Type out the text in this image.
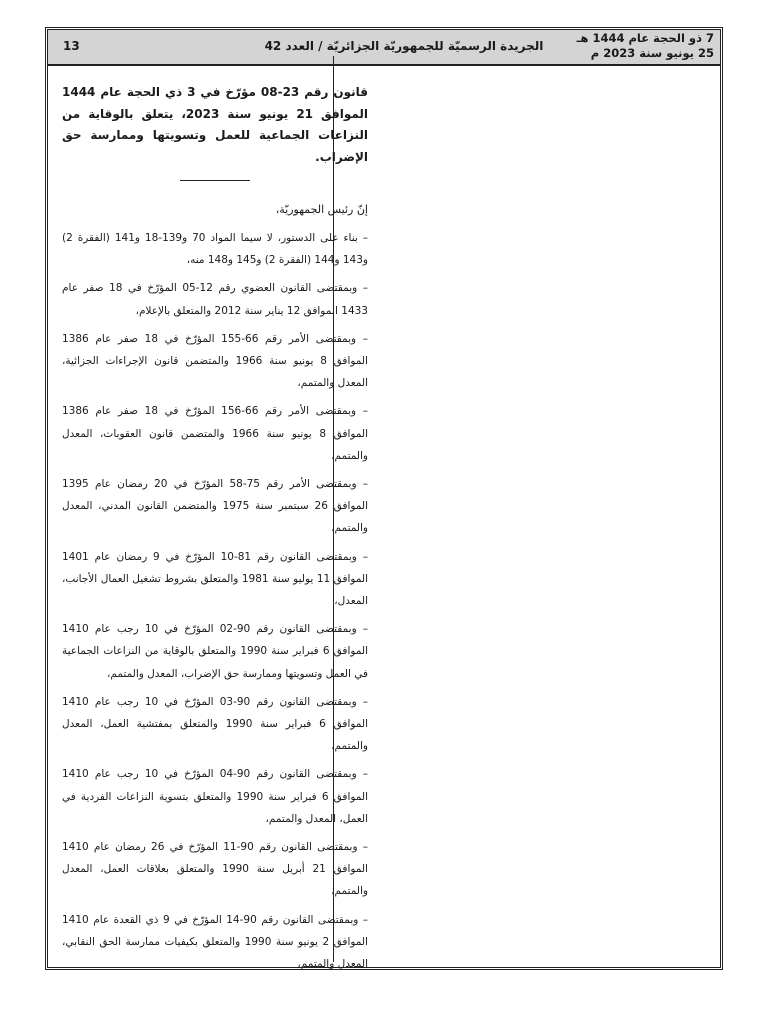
7 ذو الحجة عام 1444 هـ
25 يونيو سنة 2023 م
الجريدة الرسميّة للجمهوريّة الجزائريّة / العدد 42
13

قانون رقم 23-08 مؤرّخ في 3 ذي الحجة عام 1444 الموافق 21 يونيو سنة 2023، يتعلق بالوقاية من النزاعات الجماعية للعمل وتسويتها وممارسة حق الإضراب.

إنّ رئيس الجمهوريّة،

– بناء على الدستور، لا سيما المواد 70 و139-18 و141 (الفقرة 2) و143 و144 (الفقرة 2) و145 و148 منه،

– وبمقتضى القانون العضوي رقم 12-05 المؤرّخ في 18 صفر عام 1433 الموافق 12 يناير سنة 2012 والمتعلق بالإعلام،

– وبمقتضى الأمر رقم 66-155 المؤرّخ في 18 صفر عام 1386 الموافق 8 يونيو سنة 1966 والمتضمن قانون الإجراءات الجزائية، المعدل والمتمم،

– وبمقتضى الأمر رقم 66-156 المؤرّخ في 18 صفر عام 1386 الموافق 8 يونيو سنة 1966 والمتضمن قانون العقوبات، المعدل والمتمم،

– وبمقتضى الأمر رقم 75-58 المؤرّخ في 20 رمضان عام 1395 الموافق 26 سبتمبر سنة 1975 والمتضمن القانون المدني، المعدل والمتمم،

– وبمقتضى القانون رقم 81-10 المؤرّخ في 9 رمضان عام 1401 الموافق 11 يوليو سنة 1981 والمتعلق بشروط تشغيل العمال الأجانب، المعدل،

– وبمقتضى القانون رقم 90-02 المؤرّخ في 10 رجب عام 1410 الموافق 6 فبراير سنة 1990 والمتعلق بالوقاية من النزاعات الجماعية في العمل وتسويتها وممارسة حق الإضراب، المعدل والمتمم،

– وبمقتضى القانون رقم 90-03 المؤرّخ في 10 رجب عام 1410 الموافق 6 فبراير سنة 1990 والمتعلق بمفتشية العمل، المعدل والمتمم،

– وبمقتضى القانون رقم 90-04 المؤرّخ في 10 رجب عام 1410 الموافق 6 فبراير سنة 1990 والمتعلق بتسوية النزاعات الفردية في العمل، المعدل والمتمم،

– وبمقتضى القانون رقم 90-11 المؤرّخ في 26 رمضان عام 1410 الموافق 21 أبريل سنة 1990 والمتعلق بعلاقات العمل، المعدل والمتمم،

– وبمقتضى القانون رقم 90-14 المؤرّخ في 9 ذي القعدة عام 1410 الموافق 2 يونيو سنة 1990 والمتعلق بكيفيات ممارسة الحق النقابي، المعدل والمتمم،
